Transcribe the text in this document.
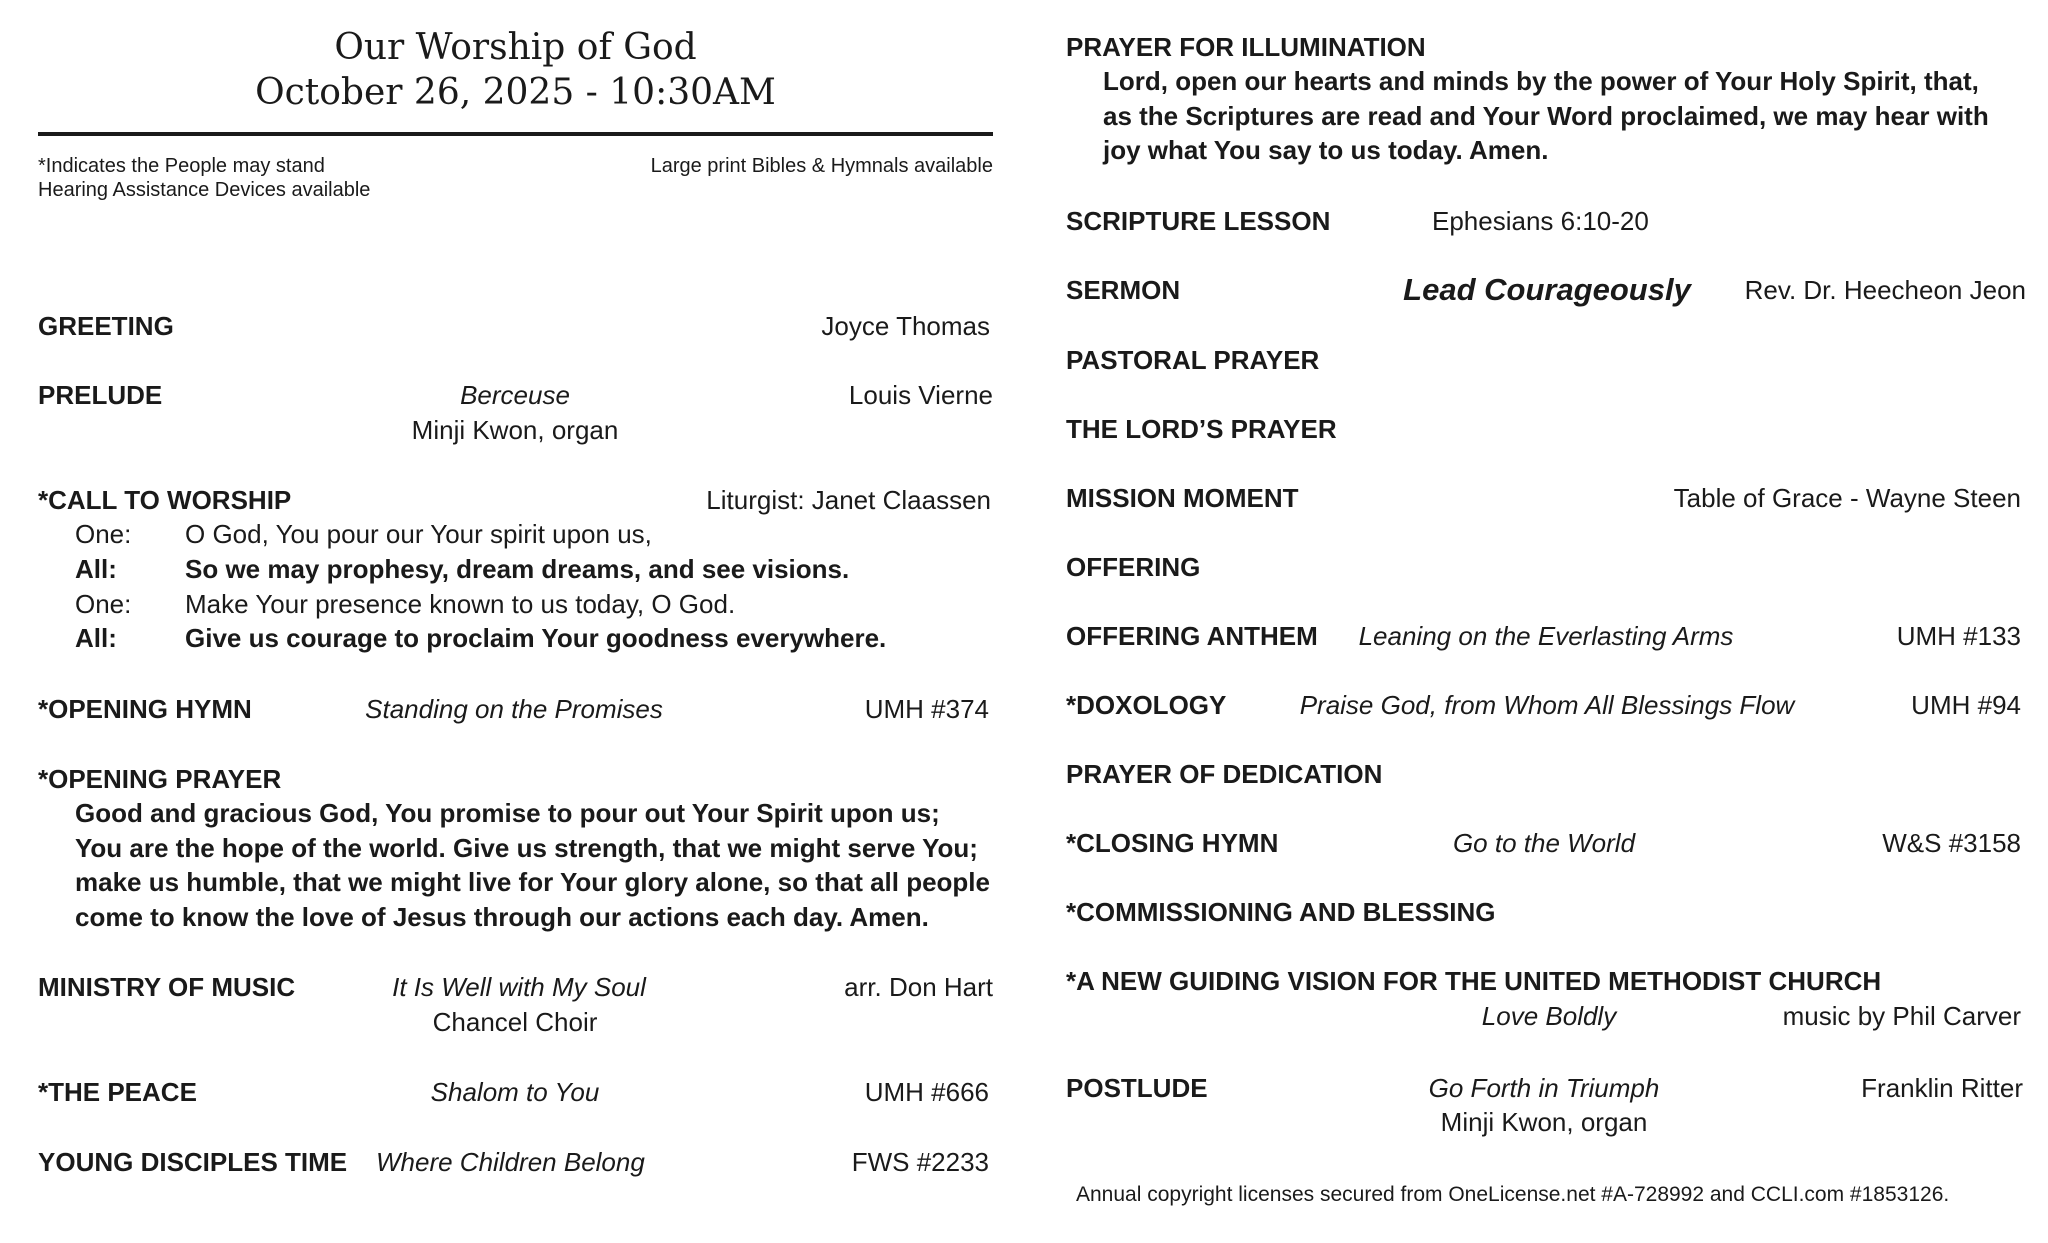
Our Worship of God
October 26, 2025 - 10:30AM
*Indicates the People may stand
Hearing Assistance Devices available
Large print Bibles & Hymnals available
GREETING	Joyce Thomas
PRELUDE	Berceuse	Louis Vierne
Minji Kwon, organ
*CALL TO WORSHIP	Liturgist: Janet Claassen
One: O God, You pour our Your spirit upon us,
All:	So we may prophesy, dream dreams, and see visions.
One: Make Your presence known to us today, O God.
All:	Give us courage to proclaim Your goodness everywhere.
*OPENING HYMN	Standing on the Promises	UMH #374
*OPENING PRAYER
Good and gracious God, You promise to pour out Your Spirit upon us;
You are the hope of the world. Give us strength, that we might serve You;
make us humble, that we might live for Your glory alone, so that all people
come to know the love of Jesus through our actions each day. Amen.
MINISTRY OF MUSIC	It Is Well with My Soul	arr. Don Hart
Chancel Choir
*THE PEACE	Shalom to You	UMH #666
YOUNG DISCIPLES TIME Where Children Belong	FWS #2233
PRAYER FOR ILLUMINATION
Lord, open our hearts and minds by the power of Your Holy Spirit, that,
as the Scriptures are read and Your Word proclaimed, we may hear with
joy what You say to us today. Amen.
SCRIPTURE LESSON	Ephesians 6:10-20
SERMON	Lead Courageously Rev. Dr. Heecheon Jeon
PASTORAL PRAYER
THE LORD’S PRAYER
MISSION MOMENT	Table of Grace - Wayne Steen
OFFERING
OFFERING ANTHEM Leaning on the Everlasting Arms	UMH #133
*DOXOLOGY	Praise God, from Whom All Blessings Flow	UMH #94
PRAYER OF DEDICATION
*CLOSING HYMN	Go to the World	W&S #3158
*COMMISSIONING AND BLESSING
*A NEW GUIDING VISION FOR THE UNITED METHODIST CHURCH
Love Boldly	music by Phil Carver
POSTLUDE	Go Forth in Triumph	Franklin Ritter
Minji Kwon, organ
Annual copyright licenses secured from OneLicense.net #A-728992 and CCLI.com #1853126.
